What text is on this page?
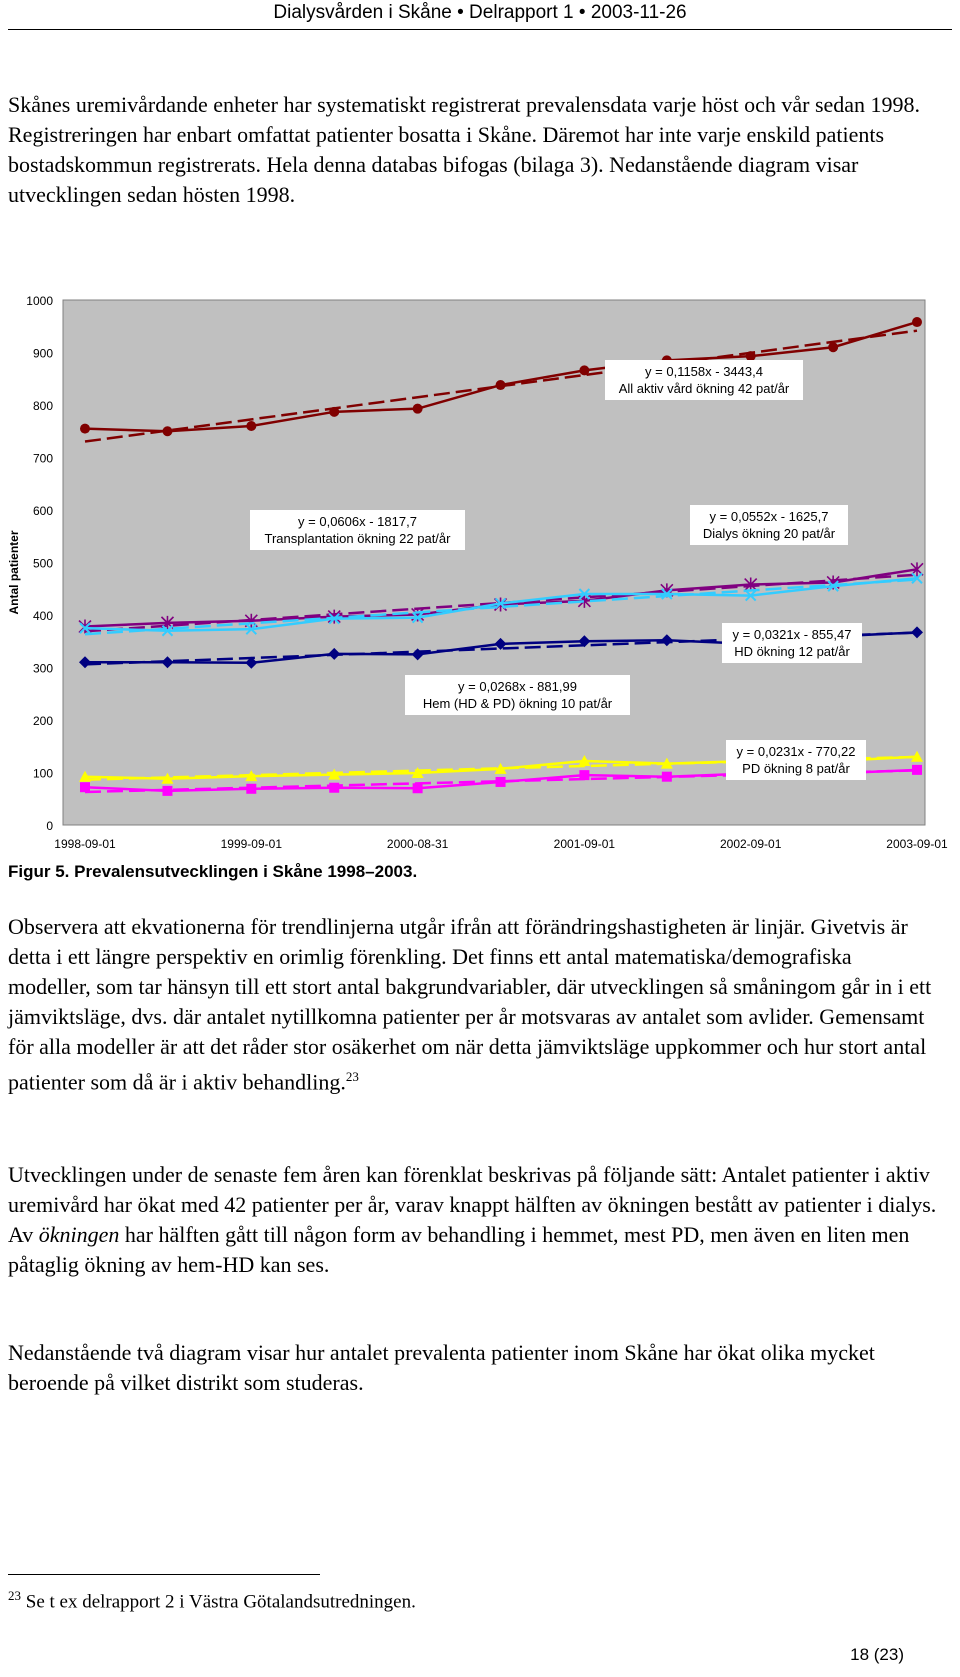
Dialysvården i Skåne • Delrapport 1 • 2003-11-26
Skånes uremivårdande enheter har systematiskt registrerat prevalensdata varje höst och vår sedan 1998. Registreringen har enbart omfattat patienter bosatta i Skåne. Däremot har inte varje enskild patients bostadskommun registrerats. Hela denna databas bifogas (bilaga 3). Nedanstående diagram visar utvecklingen sedan hösten 1998.
0
100
200
300
400
500
600
700
800
900
1000
1998-09-01	1999-09-01	2000-08-31	2001-09-01	2002-09-01	2003-09-01
Antal patienter
y = 0,1158x - 3443,4
All aktiv vård ökning 42 pat/år
y = 0,0606x - 1817,7
Transplantation ökning 22 pat/år
y = 0,0552x - 1625,7
Dialys ökning 20 pat/år
y = 0,0321x - 855,47
HD ökning 12 pat/år
y = 0,0268x - 881,99
Hem (HD & PD) ökning 10 pat/år
y = 0,0231x - 770,22
PD ökning 8 pat/år
Figur 5. Prevalensutvecklingen i Skåne 1998–2003.
Observera att ekvationerna för trendlinjerna utgår ifrån att förändringshastigheten är linjär. Givetvis är detta i ett längre perspektiv en orimlig förenkling. Det finns ett antal matematiska/demografiska modeller, som tar hänsyn till ett stort antal bakgrundvariabler, där utvecklingen så småningom går in i ett jämviktsläge, dvs. där antalet nytillkomna patienter per år motsvaras av antalet som avlider. Gemensamt för alla modeller är att det råder stor osäkerhet om när detta jämviktsläge uppkommer och hur stort antal patienter som då är i aktiv behandling.$^{23}$
Utvecklingen under de senaste fem åren kan förenklat beskrivas på följande sätt: Antalet patienter i aktiv uremivård har ökat med 42 patienter per år, varav knappt hälften av ökningen bestått av patienter i dialys. Av ökningen har hälften gått till någon form av behandling i hemmet, mest PD, men även en liten men påtaglig ökning av hem-HD kan ses.
Nedanstående två diagram visar hur antalet prevalenta patienter inom Skåne har ökat olika mycket beroende på vilket distrikt som studeras.
$^{23}$ Se t ex delrapport 2 i Västra Götalandsutredningen.
18 (23)
